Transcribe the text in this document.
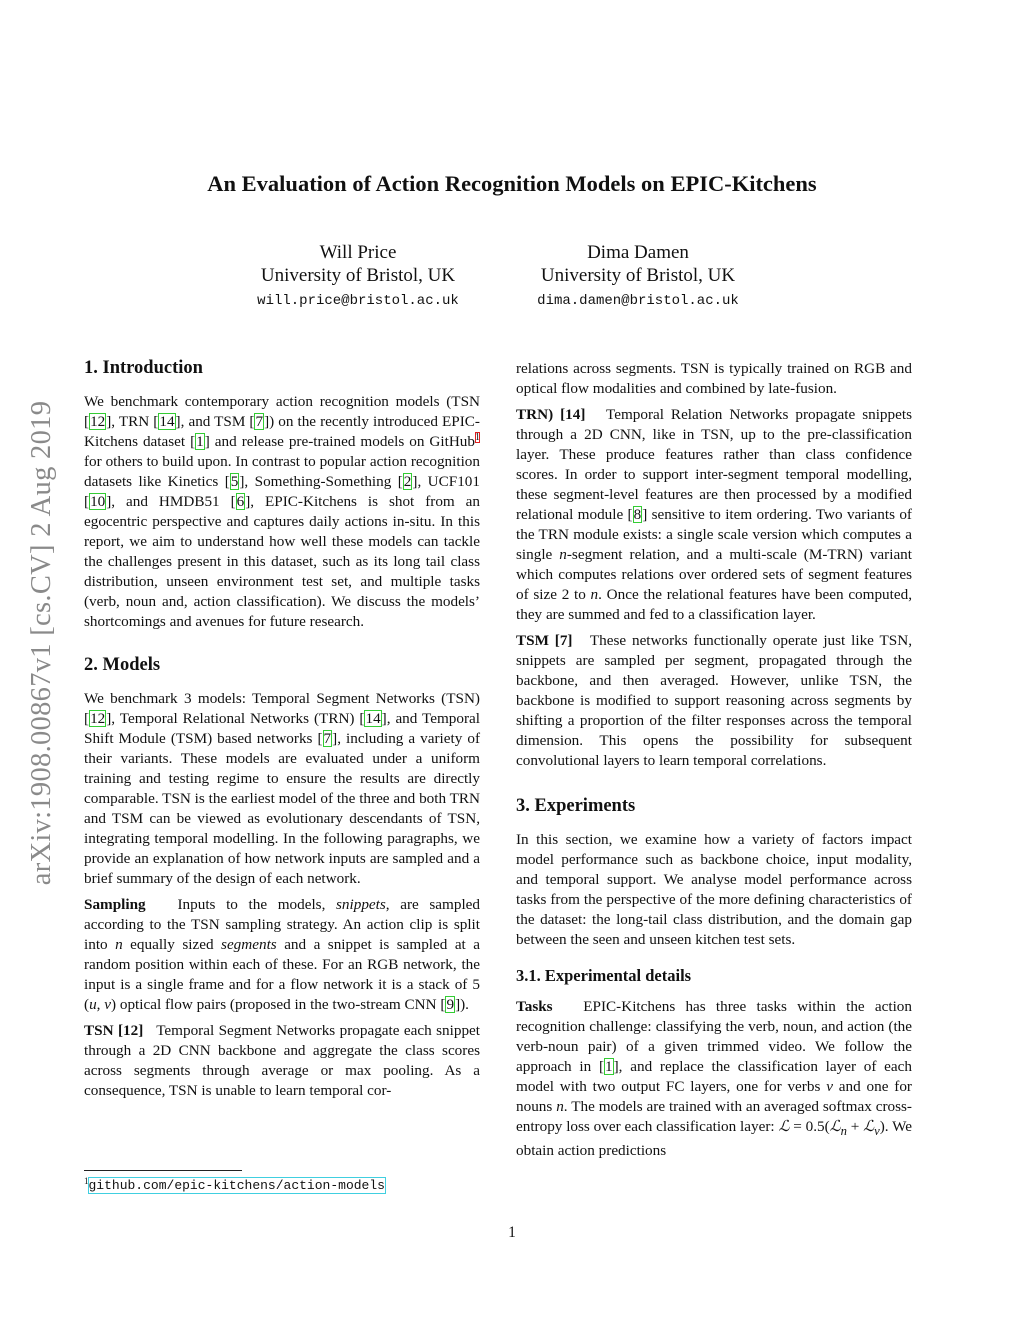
arXiv:1908.00867v1 [cs.CV] 2 Aug 2019
An Evaluation of Action Recognition Models on EPIC-Kitchens
Will Price
University of Bristol, UK
will.price@bristol.ac.uk
Dima Damen
University of Bristol, UK
dima.damen@bristol.ac.uk
1. Introduction

We benchmark contemporary action recognition models (TSN [12], TRN [14], and TSM [7]) on the recently introduced EPIC-Kitchens dataset [1] and release pre-trained models on GitHub$^1$ for others to build upon. In contrast to popular action recognition datasets like Kinetics [5], Something-Something [2], UCF101 [10], and HMDB51 [6], EPIC-Kitchens is shot from an egocentric perspective and captures daily actions in-situ. In this report, we aim to understand how well these models can tackle the challenges present in this dataset, such as its long tail class distribution, unseen environment test set, and multiple tasks (verb, noun and, action classification). We discuss the models’ shortcomings and avenues for future research.

2. Models

We benchmark 3 models: Temporal Segment Networks (TSN) [12], Temporal Relational Networks (TRN) [14], and Temporal Shift Module (TSM) based networks [7], including a variety of their variants. These models are evaluated under a uniform training and testing regime to ensure the results are directly comparable. TSN is the earliest model of the three and both TRN and TSM can be viewed as evolutionary descendants of TSN, integrating temporal modelling. In the following paragraphs, we provide an explanation of how network inputs are sampled and a brief summary of the design of each network.

Sampling   Inputs to the models, snippets, are sampled according to the TSN sampling strategy. An action clip is split into n equally sized segments and a snippet is sampled at a random position within each of these. For an RGB network, the input is a single frame and for a flow network it is a stack of 5 (u, v) optical flow pairs (proposed in the two-stream CNN [9]).

TSN [12]   Temporal Segment Networks propagate each snippet through a 2D CNN backbone and aggregate the class scores across segments through average or max pooling. As a consequence, TSN is unable to learn temporal cor-

$^1$github.com/epic-kitchens/action-models

relations across segments. TSN is typically trained on RGB and optical flow modalities and combined by late-fusion.

TRN) [14]   Temporal Relation Networks propagate snippets through a 2D CNN, like in TSN, up to the pre-classification layer. These produce features rather than class confidence scores. In order to support inter-segment temporal modelling, these segment-level features are then processed by a modified relational module [8] sensitive to item ordering. Two variants of the TRN module exists: a single scale version which computes a single n-segment relation, and a multi-scale (M-TRN) variant which computes relations over ordered sets of segment features of size 2 to n. Once the relational features have been computed, they are summed and fed to a classification layer.

TSM [7]   These networks functionally operate just like TSN, snippets are sampled per segment, propagated through the backbone, and then averaged. However, unlike TSN, the backbone is modified to support reasoning across segments by shifting a proportion of the filter responses across the temporal dimension. This opens the possibility for subsequent convolutional layers to learn temporal correlations.

3. Experiments

In this section, we examine how a variety of factors impact model performance such as backbone choice, input modality, and temporal support. We analyse model performance across tasks from the perspective of the more defining characteristics of the dataset: the long-tail class distribution, and the domain gap between the seen and unseen kitchen test sets.

3.1. Experimental details

Tasks   EPIC-Kitchens has three tasks within the action recognition challenge: classifying the verb, noun, and action (the verb-noun pair) of a given trimmed video. We follow the approach in [1], and replace the classification layer of each model with two output FC layers, one for verbs v and one for nouns n. The models are trained with an averaged softmax cross-entropy loss over each classification layer: ℒ = 0.5(ℒ$_n$ + ℒ$_v$). We obtain action predictions

1
